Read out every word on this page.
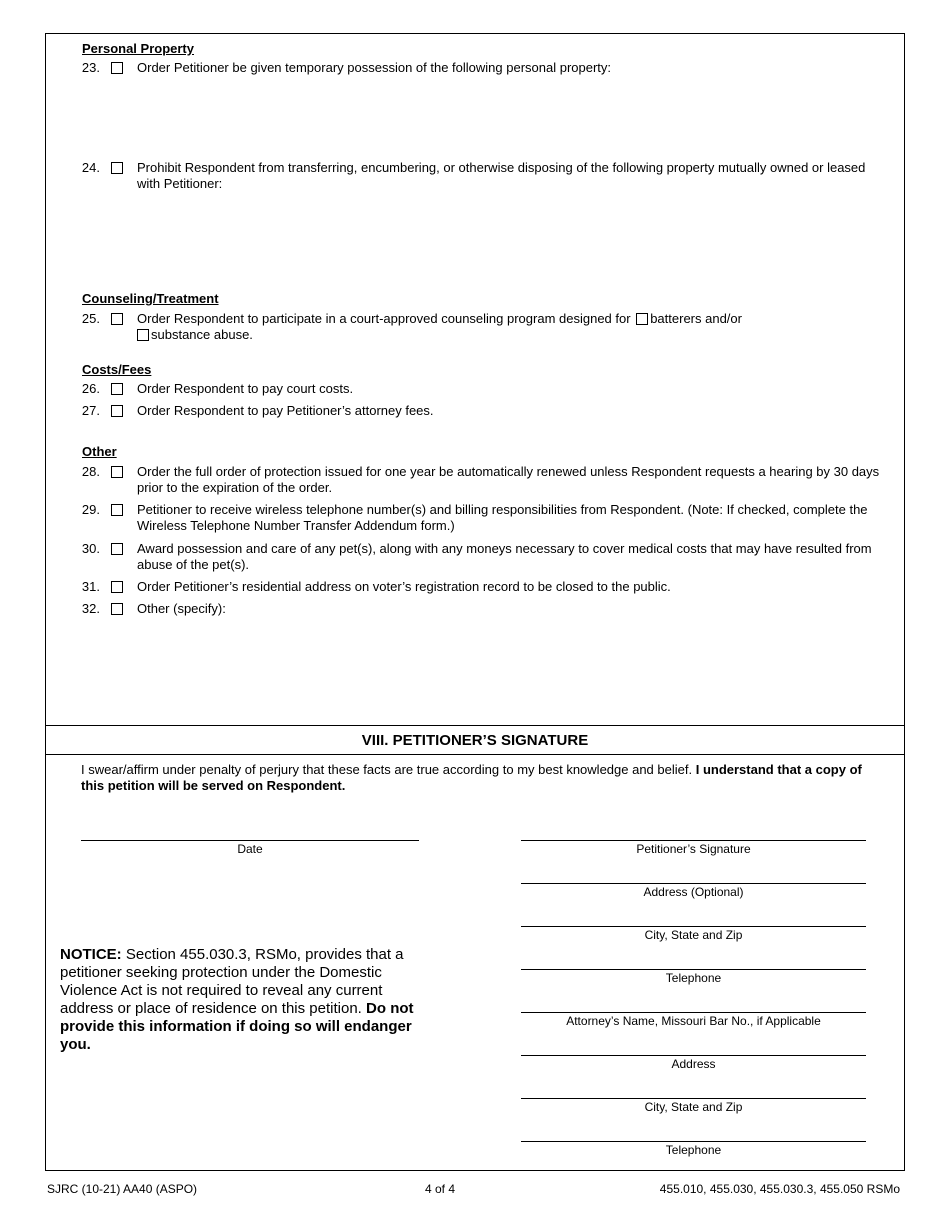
Personal Property
23.	Order Petitioner be given temporary possession of the following personal property:
24.	Prohibit Respondent from transferring, encumbering, or otherwise disposing of the following property mutually owned or leased with Petitioner:
Counseling/Treatment
25.	Order Respondent to participate in a court-approved counseling program designed for batterers and/or
substance abuse.
Costs/Fees
26.	Order Respondent to pay court costs.
27.	Order Respondent to pay Petitioner’s attorney fees.
Other
28.	Order the full order of protection issued for one year be automatically renewed unless Respondent requests a hearing by 30 days prior to the expiration of the order.
29.	Petitioner to receive wireless telephone number(s) and billing responsibilities from Respondent. (Note: If checked, complete the Wireless Telephone Number Transfer Addendum form.)
30.	Award possession and care of any pet(s), along with any moneys necessary to cover medical costs that may have resulted from abuse of the pet(s).
31.	Order Petitioner’s residential address on voter’s registration record to be closed to the public.
32.	Other (specify):
VIII. PETITIONER’S SIGNATURE
I swear/affirm under penalty of perjury that these facts are true according to my best knowledge and belief. I understand that a copy of this petition will be served on Respondent.
Date	Petitioner’s Signature
Address (Optional)
City, State and Zip
Telephone
Attorney’s Name, Missouri Bar No., if Applicable
Address
City, State and Zip
Telephone
NOTICE: Section 455.030.3, RSMo, provides that a petitioner seeking protection under the Domestic Violence Act is not required to reveal any current address or place of residence on this petition. Do not provide this information if doing so will endanger you.
SJRC (10-21) AA40 (ASPO)	4 of 4	455.010, 455.030, 455.030.3, 455.050 RSMo
